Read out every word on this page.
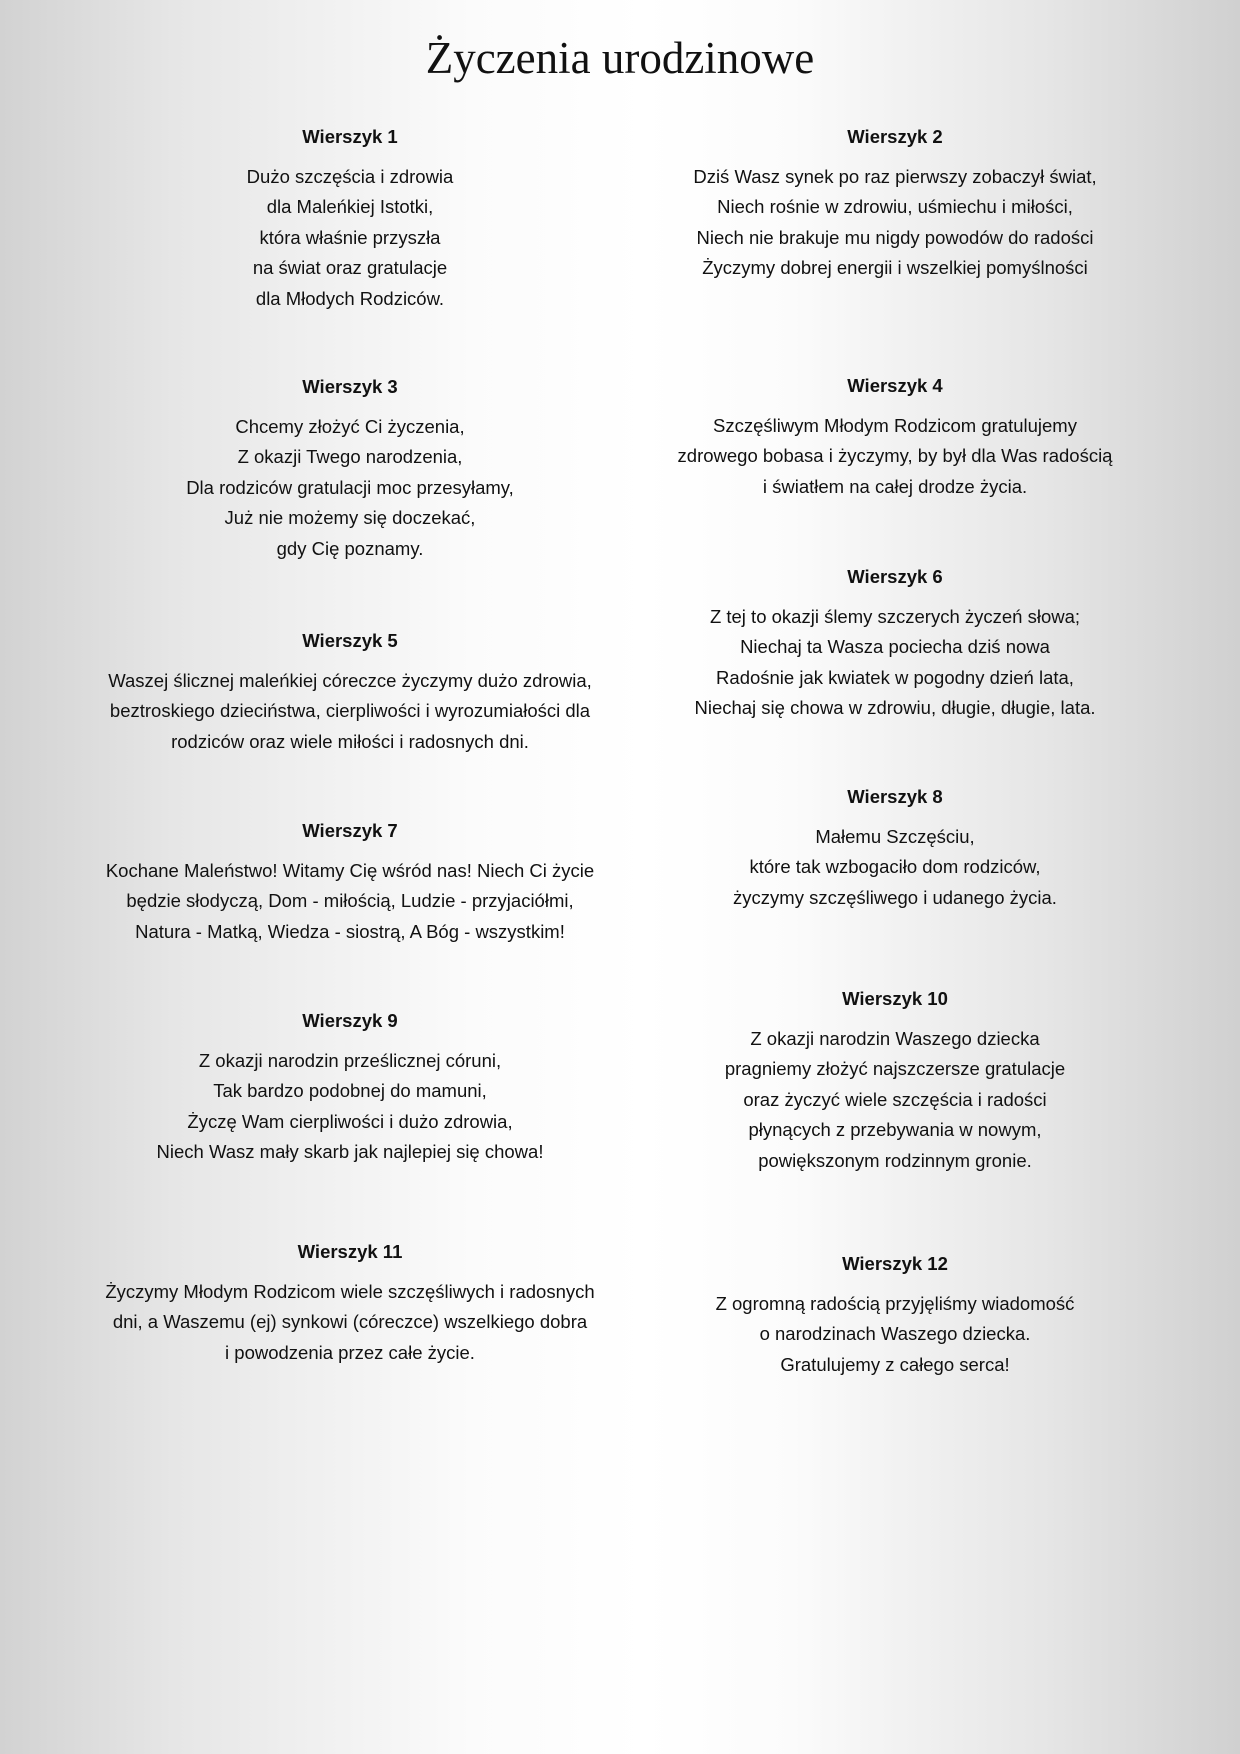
Życzenia urodzinowe
Wierszyk 1
Dużo szczęścia i zdrowia
dla Maleńkiej Istotki,
która właśnie przyszła
na świat oraz gratulacje
dla Młodych Rodziców.
Wierszyk 2
Dziś Wasz synek po raz pierwszy zobaczył świat,
Niech rośnie w zdrowiu, uśmiechu i miłości,
Niech nie brakuje mu nigdy powodów do radości
Życzymy dobrej energii i wszelkiej pomyślności
Wierszyk 3
Chcemy złożyć Ci życzenia,
Z okazji Twego narodzenia,
Dla rodziców gratulacji moc przesyłamy,
Już nie możemy się doczekać,
gdy Cię poznamy.
Wierszyk 4
Szczęśliwym Młodym Rodzicom gratulujemy
zdrowego bobasa i życzymy, by był dla Was radością
i światłem na całej drodze życia.
Wierszyk 5
Waszej ślicznej maleńkiej córeczce życzymy dużo zdrowia,
beztroskiego dzieciństwa, cierpliwości i wyrozumiałości dla
rodziców oraz wiele miłości i radosnych dni.
Wierszyk 6
Z tej to okazji ślemy szczerych życzeń słowa;
Niechaj ta Wasza pociecha dziś nowa
Radośnie jak kwiatek w pogodny dzień lata,
Niechaj się chowa w zdrowiu, długie, długie, lata.
Wierszyk 7
Kochane Maleństwo! Witamy Cię wśród nas! Niech Ci życie
będzie słodyczą, Dom - miłością, Ludzie - przyjaciółmi,
Natura - Matką, Wiedza - siostrą, A Bóg - wszystkim!
Wierszyk 8
Małemu Szczęściu,
które tak wzbogaciło dom rodziców,
życzymy szczęśliwego i udanego życia.
Wierszyk 9
Z okazji narodzin prześlicznej córuni,
Tak bardzo podobnej do mamuni,
Życzę Wam cierpliwości i dużo zdrowia,
Niech Wasz mały skarb jak najlepiej się chowa!
Wierszyk 10
Z okazji narodzin Waszego dziecka
pragniemy złożyć najszczersze gratulacje
oraz życzyć wiele szczęścia i radości
płynących z przebywania w nowym,
powiększonym rodzinnym gronie.
Wierszyk 11
Życzymy Młodym Rodzicom wiele szczęśliwych i radosnych
dni, a Waszemu (ej) synkowi (córeczce) wszelkiego dobra
i powodzenia przez całe życie.
Wierszyk 12
Z ogromną radością przyjęliśmy wiadomość
o narodzinach Waszego dziecka.
Gratulujemy z całego serca!
